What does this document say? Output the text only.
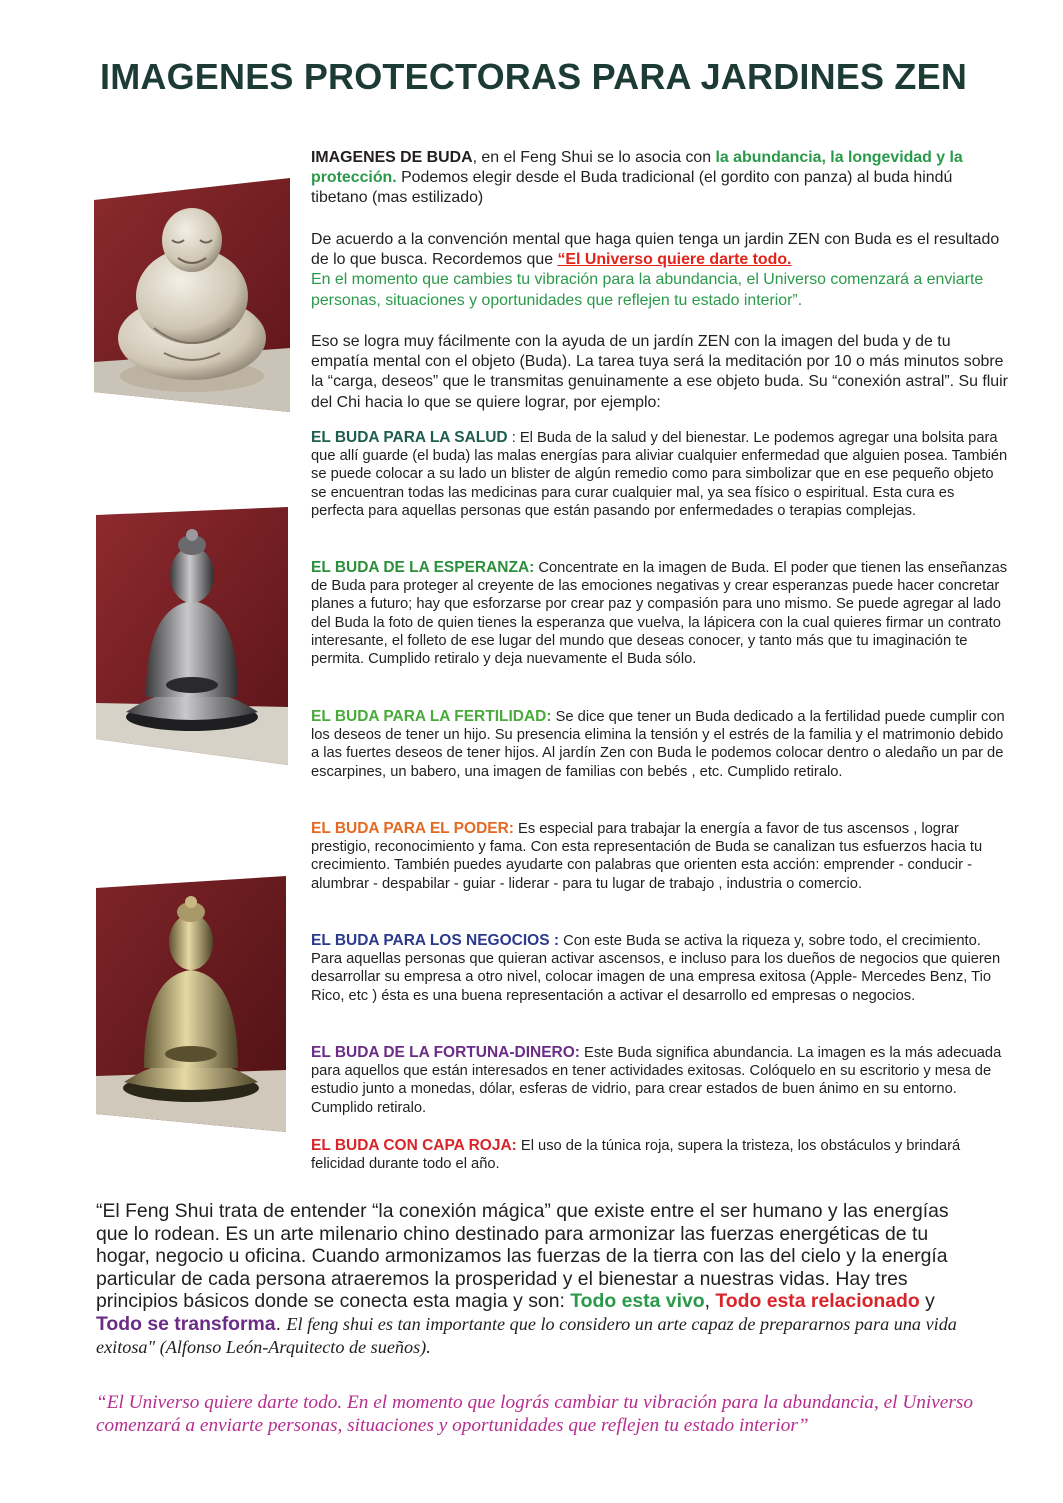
IMAGENES PROTECTORAS PARA JARDINES ZEN
IMAGENES DE BUDA, en el Feng Shui se lo asocia con la abundancia, la longevidad y la protección. Podemos elegir desde el Buda tradicional (el gordito con panza) al buda hindú tibetano (mas estilizado)
De acuerdo a la convención mental que haga quien tenga un jardin ZEN con Buda es el resultado de lo que busca. Recordemos que “El Universo quiere darte todo.
En el momento que cambies tu vibración para la abundancia, el Universo comenzará a enviarte personas, situaciones y oportunidades que reflejen tu estado interior”.
Eso se logra muy fácilmente con la ayuda de un jardín ZEN con la imagen del buda y de tu empatía mental con el objeto (Buda). La tarea tuya será la meditación por 10 o más minutos sobre la “carga, deseos” que le transmitas genuinamente a ese objeto buda. Su “conexión astral”. Su fluir del Chi hacia lo que se quiere lograr, por ejemplo:
EL BUDA PARA LA SALUD : El Buda de la salud y del bienestar. Le podemos agregar una bolsita para que allí guarde (el buda) las malas energías para aliviar cualquier enfermedad que alguien posea. También se puede colocar a su lado un blister de algún remedio como para simbolizar que en ese pequeño objeto se encuentran todas las medicinas para curar cualquier mal, ya sea físico o espiritual. Esta cura es perfecta para aquellas personas que están pasando por enfermedades o terapias complejas.
EL BUDA DE LA ESPERANZA: Concentrate en la imagen de Buda. El poder que tienen las enseñanzas de Buda para proteger al creyente de las emociones negativas y crear esperanzas puede hacer concretar planes a futuro; hay que esforzarse por crear paz y compasión para uno mismo. Se puede agregar al lado del Buda la foto de quien tienes la esperanza que vuelva, la lápicera con la cual quieres firmar un contrato interesante, el folleto de ese lugar del mundo que deseas conocer, y tanto más que tu imaginación te permita. Cumplido retiralo y deja nuevamente el Buda sólo.
EL BUDA PARA LA FERTILIDAD: Se dice que tener un Buda dedicado a la fertilidad puede cumplir con los deseos de tener un hijo. Su presencia elimina la tensión y el estrés de la familia y el matrimonio debido a las fuertes deseos de tener hijos. Al jardín Zen con Buda le podemos colocar dentro o aledaño un par de escarpines, un babero, una imagen de familias con bebés , etc. Cumplido retiralo.
EL BUDA PARA EL PODER: Es especial para trabajar la energía a favor de tus ascensos , lograr prestigio, reconocimiento y fama. Con esta representación de Buda se canalizan tus esfuerzos hacia tu crecimiento. También puedes ayudarte con palabras que orienten esta acción: emprender - conducir - alumbrar - despabilar - guiar - liderar - para tu lugar de trabajo , industria o comercio.
EL BUDA PARA LOS NEGOCIOS : Con este Buda se activa la riqueza y, sobre todo, el crecimiento. Para aquellas personas que quieran activar ascensos, e incluso para los dueños de negocios que quieren desarrollar su empresa a otro nivel, colocar imagen de una empresa exitosa (Apple- Mercedes Benz, Tio Rico, etc ) ésta es una buena representación a activar el desarrollo ed empresas o negocios.
EL BUDA DE LA FORTUNA-DINERO: Este Buda significa abundancia. La imagen es la más adecuada para aquellos que están interesados en tener actividades exitosas. Colóquelo en su escritorio y mesa de estudio junto a monedas, dólar, esferas de vidrio, para crear estados de buen ánimo en su entorno. Cumplido retiralo.
EL BUDA CON CAPA ROJA: El uso de la túnica roja, supera la tristeza, los obstáculos y brindará felicidad durante todo el año.
“El Feng Shui trata de entender “la conexión mágica” que existe entre el ser humano y las energías que lo rodean. Es un arte milenario chino destinado para armonizar las fuerzas energéticas de tu hogar, negocio u oficina. Cuando armonizamos las fuerzas de la tierra con las del cielo y la energía particular de cada persona atraeremos la prosperidad y el bienestar a nuestras vidas. Hay tres principios básicos donde se conecta esta magia y son: Todo esta vivo, Todo esta relacionado y Todo se transforma. El feng shui es tan importante que lo considero un arte capaz de prepararnos para una vida exitosa" (Alfonso León-Arquitecto de sueños).
“El Universo quiere darte todo. En el momento que lográs cambiar tu vibración para la abundancia, el Universo comenzará a enviarte personas, situaciones y oportunidades que reflejen tu estado interior”
